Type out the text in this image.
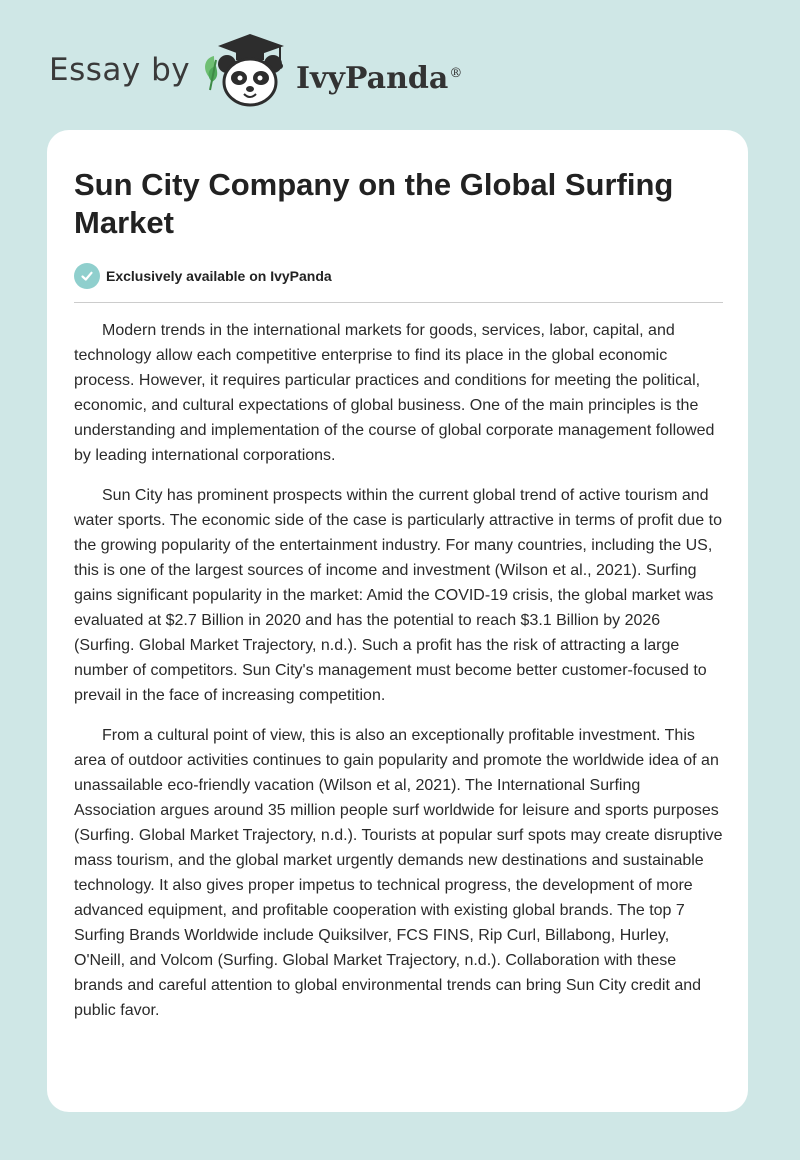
Essay by	IvyPanda®
Sun City Company on the Global Surfing Market
Exclusively available on IvyPanda

Modern trends in the international markets for goods, services, labor, capital, and technology allow each competitive enterprise to find its place in the global economic process. However, it requires particular practices and conditions for meeting the political, economic, and cultural expectations of global business. One of the main principles is the understanding and implementation of the course of global corporate management followed by leading international corporations.

Sun City has prominent prospects within the current global trend of active tourism and water sports. The economic side of the case is particularly attractive in terms of profit due to the growing popularity of the entertainment industry. For many countries, including the US, this is one of the largest sources of income and investment (Wilson et al., 2021). Surfing gains significant popularity in the market: Amid the COVID-19 crisis, the global market was evaluated at $2.7 Billion in 2020 and has the potential to reach $3.1 Billion by 2026 (Surfing. Global Market Trajectory, n.d.). Such a profit has the risk of attracting a large number of competitors. Sun City's management must become better customer-focused to prevail in the face of increasing competition.

From a cultural point of view, this is also an exceptionally profitable investment. This area of outdoor activities continues to gain popularity and promote the worldwide idea of an unassailable eco-friendly vacation (Wilson et al, 2021). The International Surfing Association argues around 35 million people surf worldwide for leisure and sports purposes (Surfing. Global Market Trajectory, n.d.). Tourists at popular surf spots may create disruptive mass tourism, and the global market urgently demands new destinations and sustainable technology. It also gives proper impetus to technical progress, the development of more advanced equipment, and profitable cooperation with existing global brands. The top 7 Surfing Brands Worldwide include Quiksilver, FCS FINS, Rip Curl, Billabong, Hurley, O'Neill, and Volcom (Surfing. Global Market Trajectory, n.d.). Collaboration with these brands and careful attention to global environmental trends can bring Sun City credit and public favor.
